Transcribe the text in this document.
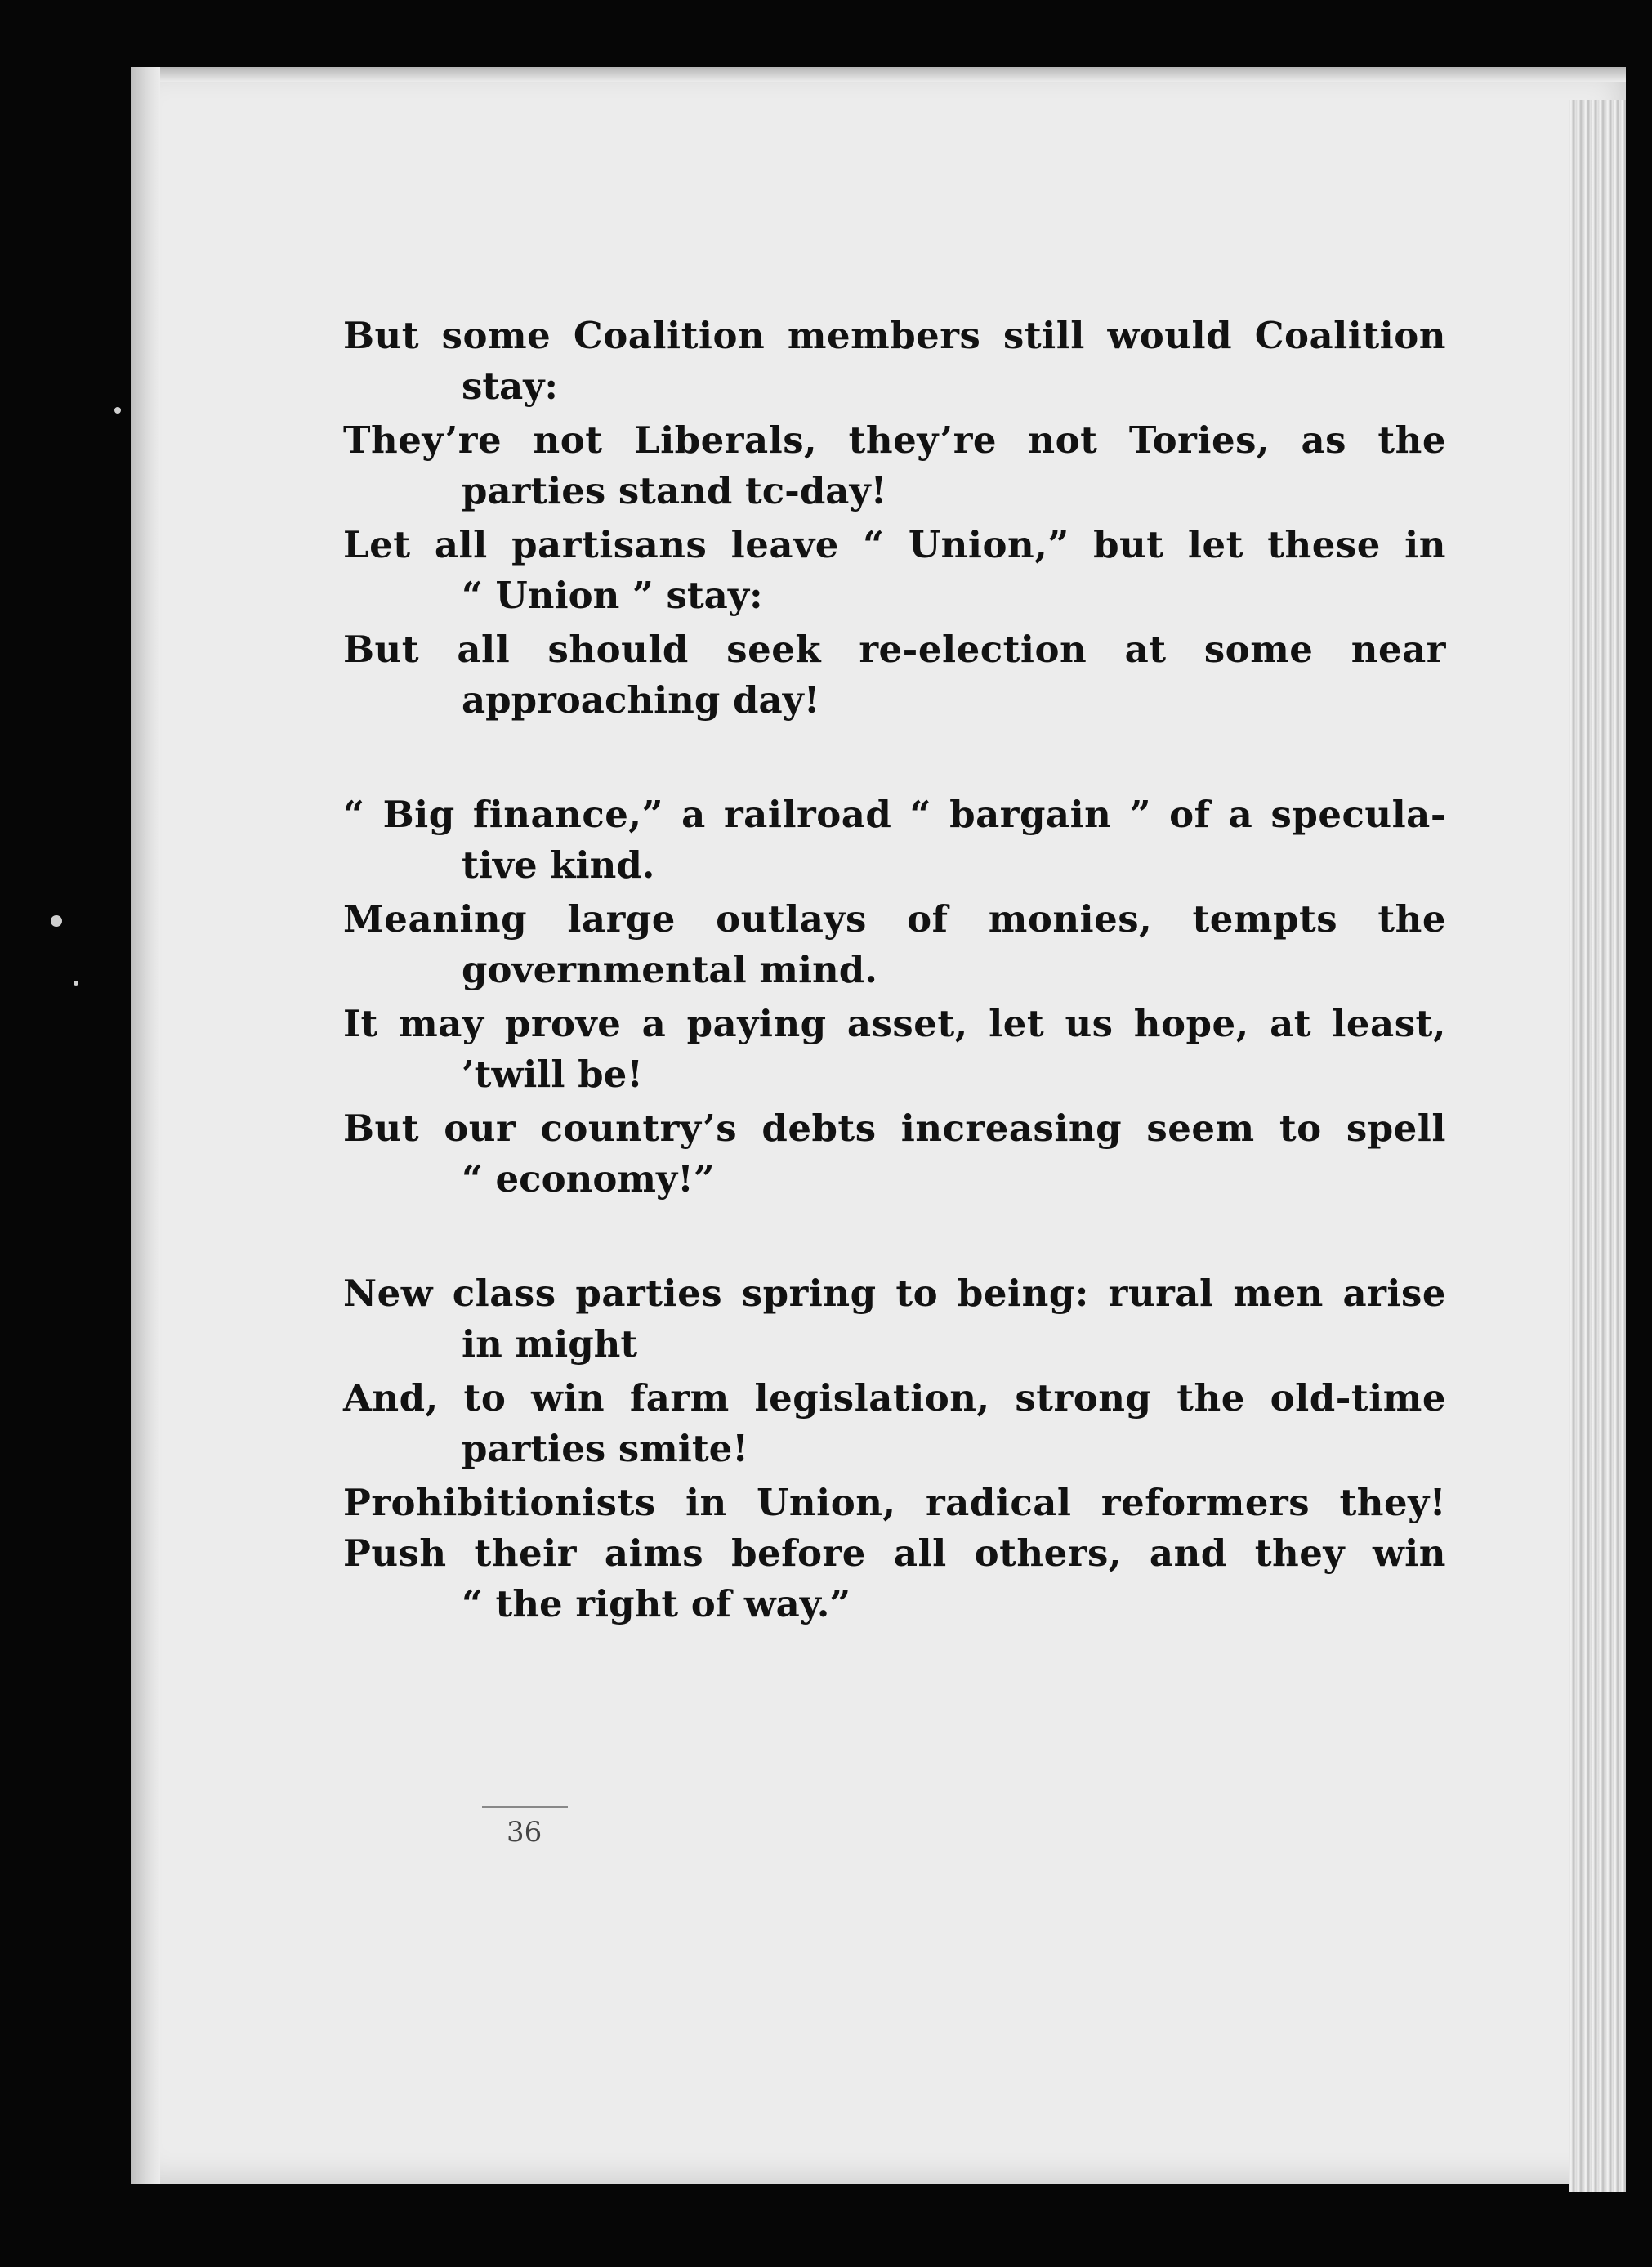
But some Coalition members still would Coalition
stay:
They’re not Liberals, they’re not Tories, as the
parties stand tc-day!
Let all partisans leave “ Union,” but let these in
“ Union ” stay:
But all should seek re-election at some near
approaching day!
“ Big finance,” a railroad “ bargain ” of a specula-
tive kind.
Meaning large outlays of monies, tempts the
governmental mind.
It may prove a paying asset, let us hope, at least,
’twill be!
But our country’s debts increasing seem to spell
“ economy!”
New class parties spring to being: rural men arise
in might
And, to win farm legislation, strong the old-time
parties smite!
Prohibitionists in Union, radical reformers they!
Push their aims before all others, and they win
“ the right of way.”
36
